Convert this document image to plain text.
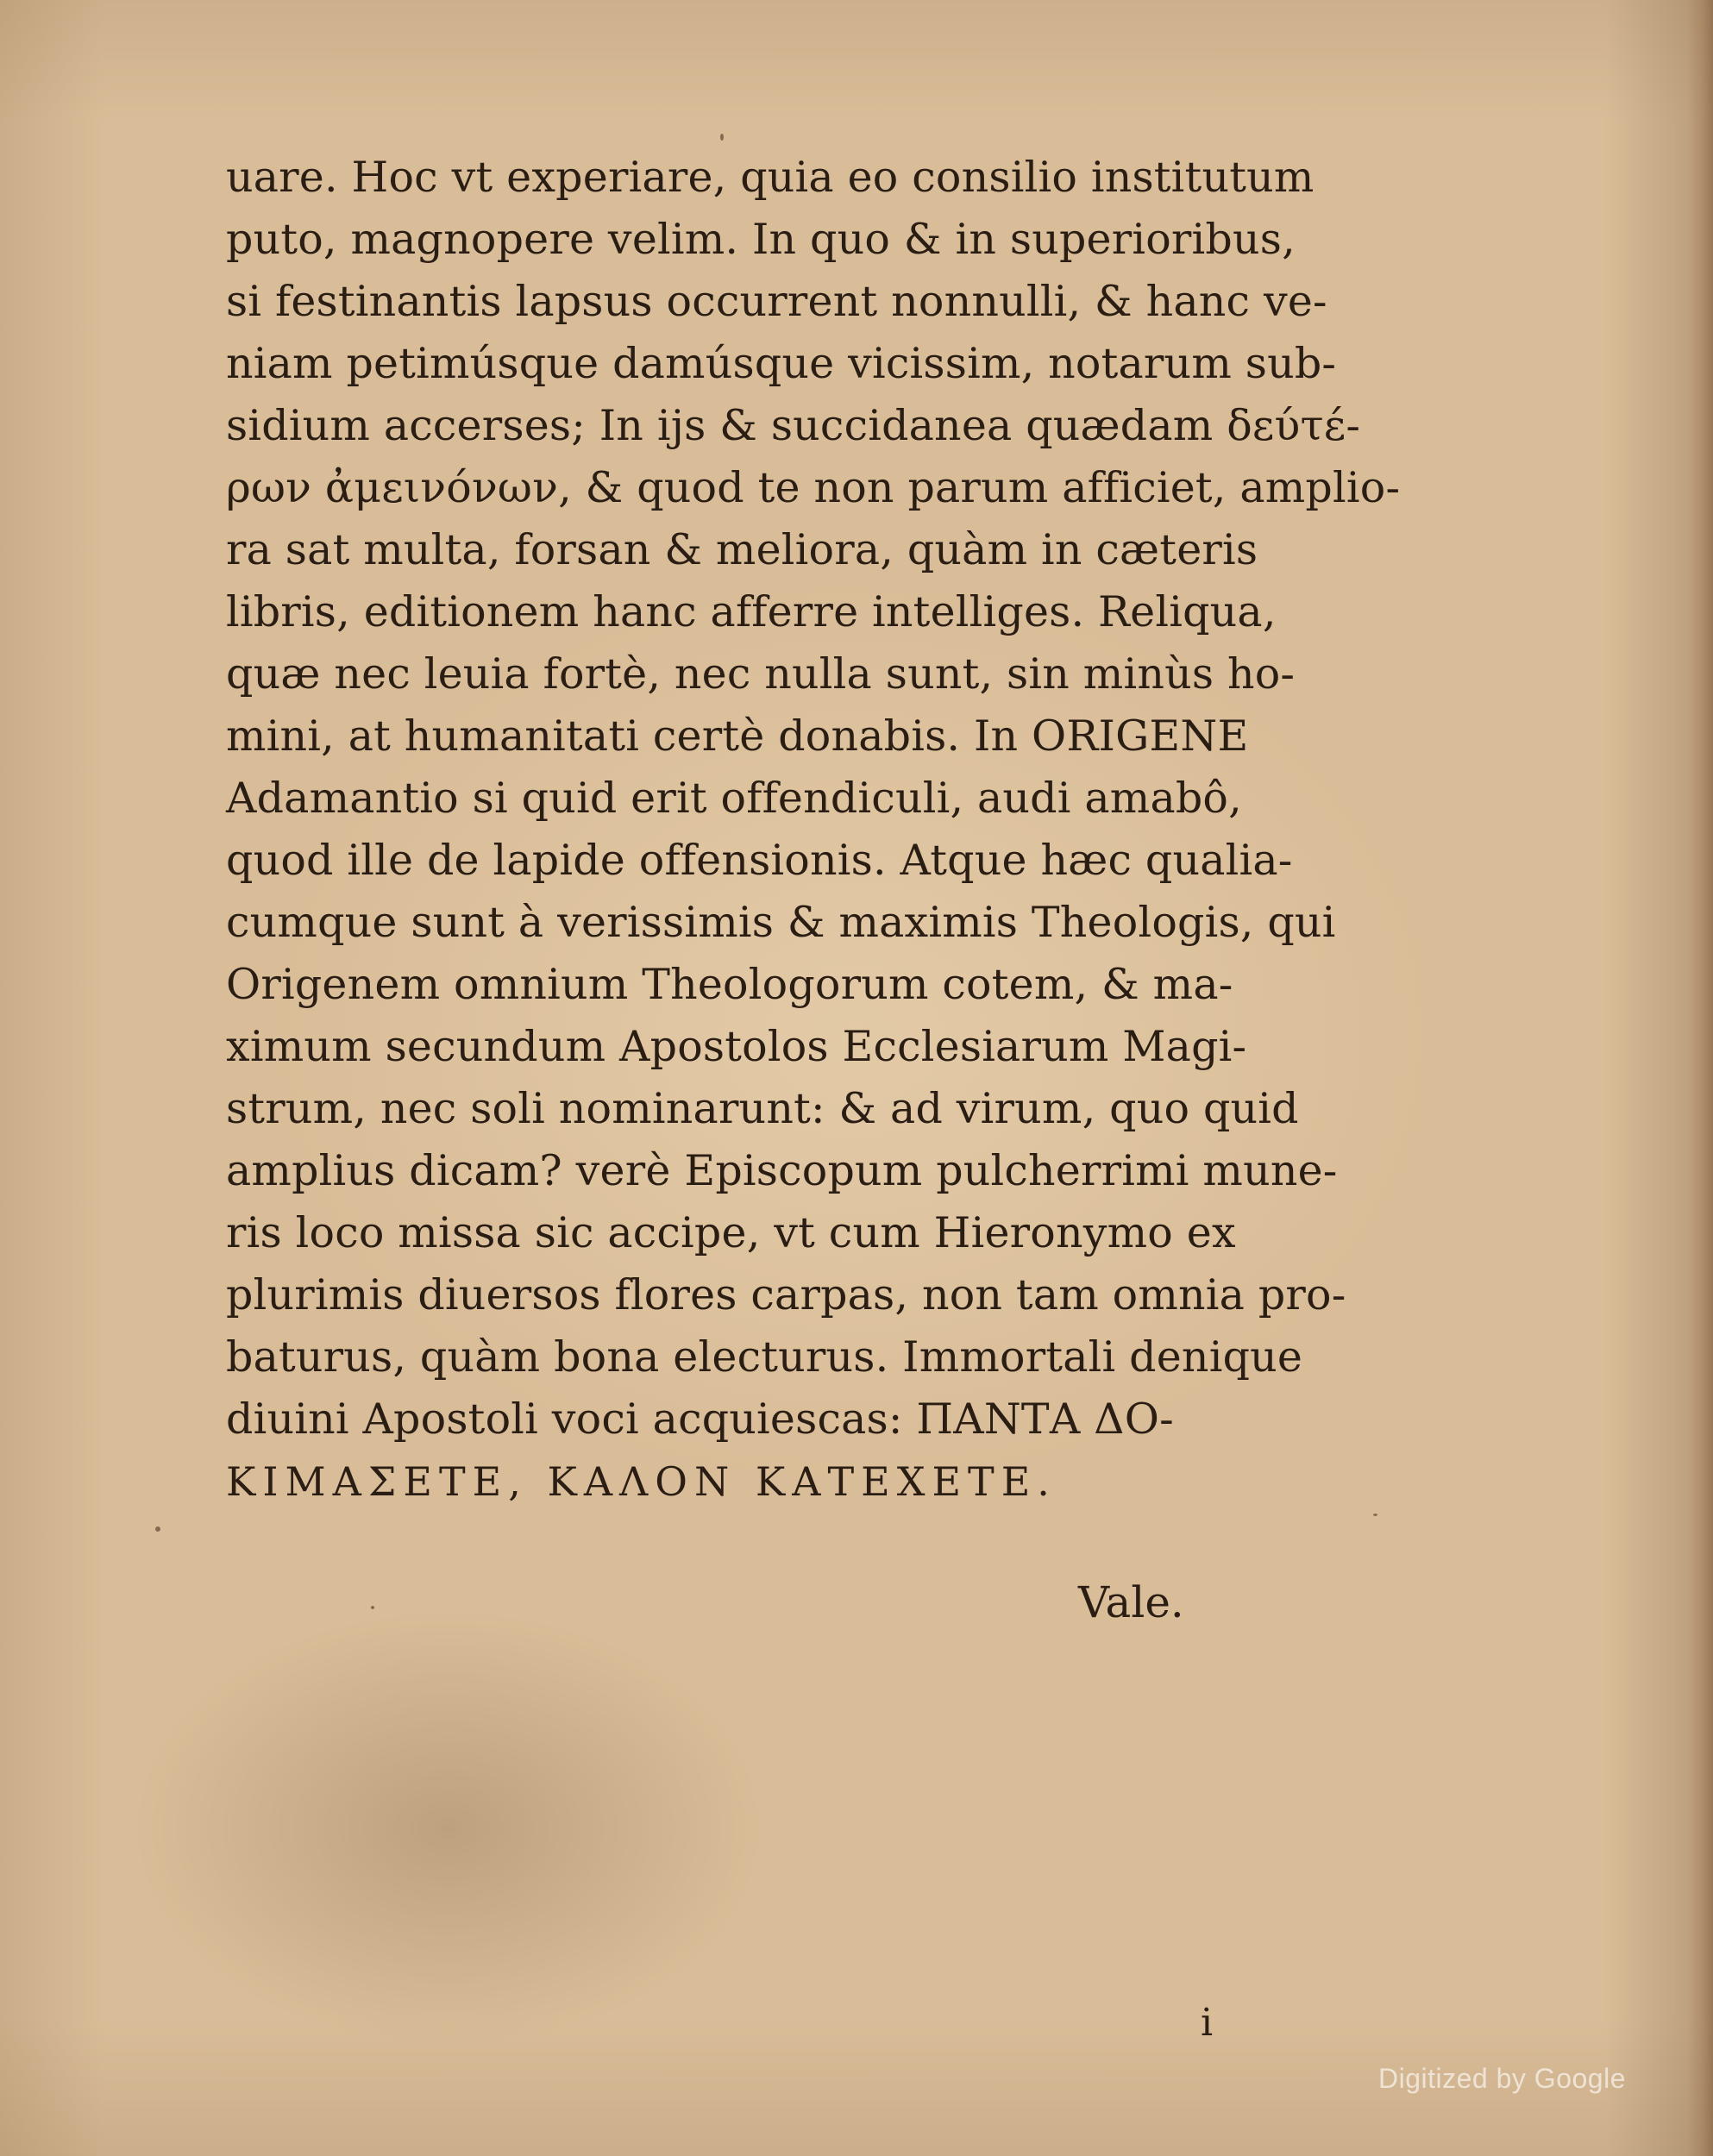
uare. Hoc vt experiare, quia eo consilio institutum
puto, magnopere velim. In quo & in superioribus,
si festinantis lapsus occurrent nonnulli, & hanc ve-
niam petimúsque damúsque vicissim, notarum sub-
sidium accerses; In ijs & succidanea quædam δεύτέ-
ρων ἀμεινόνων, & quod te non parum afficiet, amplio-
ra sat multa, forsan & meliora, quàm in cæteris
libris, editionem hanc afferre intelliges. Reliqua,
quæ nec leuia fortè, nec nulla sunt, sin minùs ho-
mini, at humanitati certè donabis. In ORIGENE
Adamantio si quid erit offendiculi, audi amabô,
quod ille de lapide offensionis. Atque hæc qualia-
cumque sunt à verissimis & maximis Theologis, qui
Origenem omnium Theologorum cotem, & ma-
ximum secundum Apostolos Ecclesiarum Magi-
strum, nec soli nominarunt: & ad virum, quo quid
amplius dicam? verè Episcopum pulcherrimi mune-
ris loco missa sic accipe, vt cum Hieronymo ex
plurimis diuersos flores carpas, non tam omnia pro-
baturus, quàm bona electurus. Immortali denique
diuini Apostoli voci acquiescas: ΠΑΝΤΑ ΔΟ-
ΚΙΜΑΣΕΤΕ, ΚΑΛΟΝ ΚΑΤΕΧΕΤΕ.

Vale.

i

Digitized by Google
